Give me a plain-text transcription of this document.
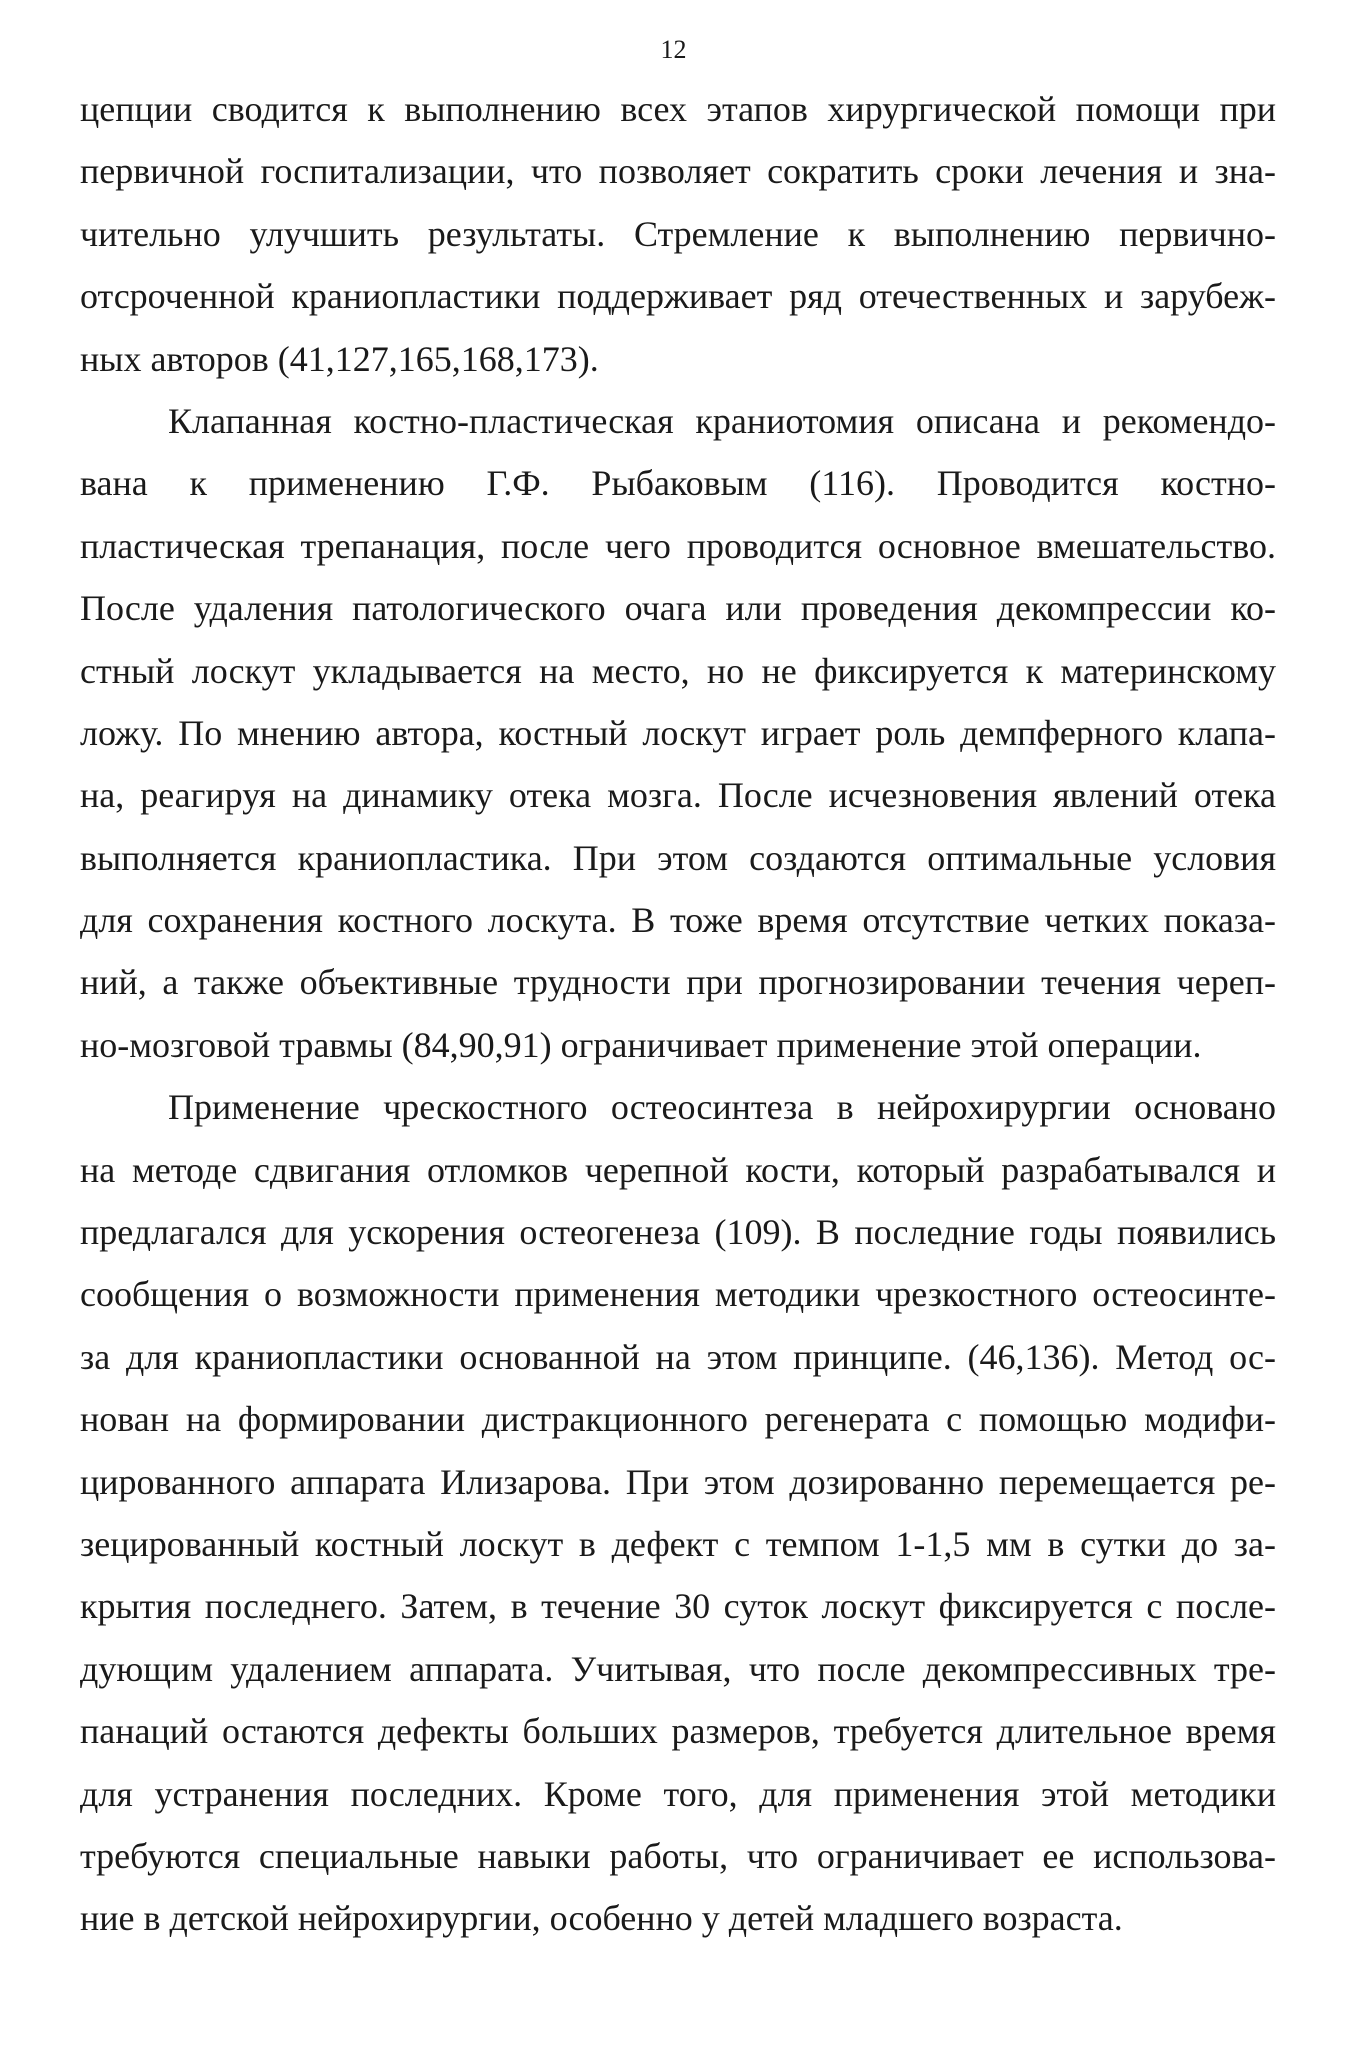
12
цепции сводится к выполнению всех этапов хирургической помощи при
первичной госпитализации, что позволяет сократить сроки лечения и зна-
чительно улучшить результаты. Стремление к выполнению первично-
отсроченной краниопластики поддерживает ряд отечественных и зарубеж-
ных авторов (41,127,165,168,173).
Клапанная костно-пластическая краниотомия описана и рекомендо-
вана к применению Г.Ф. Рыбаковым (116). Проводится костно-
пластическая трепанация, после чего проводится основное вмешательство.
После удаления патологического очага или проведения декомпрессии ко-
стный лоскут укладывается на место, но не фиксируется к материнскому
ложу. По мнению автора, костный лоскут играет роль демпферного клапа-
на, реагируя на динамику отека мозга. После исчезновения явлений отека
выполняется краниопластика. При этом создаются оптимальные условия
для сохранения костного лоскута. В тоже время отсутствие четких показа-
ний, а также объективные трудности при прогнозировании течения череп-
но-мозговой травмы (84,90,91) ограничивает применение этой операции.
Применение чрескостного остеосинтеза в нейрохирургии основано
на методе сдвигания отломков черепной кости, который разрабатывался и
предлагался для ускорения остеогенеза (109). В последние годы появились
сообщения о возможности применения методики чрезкостного остеосинте-
за для краниопластики основанной на этом принципе. (46,136). Метод ос-
нован на формировании дистракционного регенерата с помощью модифи-
цированного аппарата Илизарова. При этом дозированно перемещается ре-
зецированный костный лоскут в дефект с темпом 1-1,5 мм в сутки до за-
крытия последнего. Затем, в течение 30 суток лоскут фиксируется с после-
дующим удалением аппарата. Учитывая, что после декомпрессивных тре-
панаций остаются дефекты больших размеров, требуется длительное время
для устранения последних. Кроме того, для применения этой методики
требуются специальные навыки работы, что ограничивает ее использова-
ние в детской нейрохирургии, особенно у детей младшего возраста.
